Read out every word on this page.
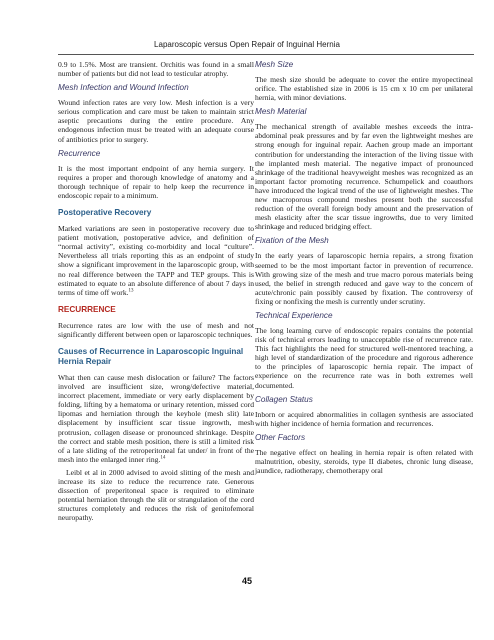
Laparoscopic versus Open Repair of Inguinal Hernia

0.9 to 1.5%. Most are transient. Orchitis was found in a small number of patients but did not lead to testicular atrophy.

Mesh Infection and Wound Infection

Wound infection rates are very low. Mesh infection is a very serious complication and care must be taken to maintain strict aseptic precautions during the entire procedure. Any endogenous infection must be treated with an adequate course of antibiotics prior to surgery.

Recurrence

It is the most important endpoint of any hernia surgery. It requires a proper and thorough knowledge of anatomy and a thorough technique of repair to help keep the recurrence in endoscopic repair to a minimum.

Postoperative Recovery

Marked variations are seen in postoperative recovery due to patient motivation, postoperative advice, and definition of “normal activity”, existing co-morbidity and local “culture”. Nevertheless all trials reporting this as an endpoint of study show a significant improvement in the laparoscopic group, with no real difference between the TAPP and TEP groups. This is estimated to equate to an absolute difference of about 7 days in terms of time off work.$^{13}$

RECURRENCE

Recurrence rates are low with the use of mesh and not significantly different between open or laparoscopic techniques.

Causes of Recurrence in Laparoscopic Inguinal Hernia Repair

What then can cause mesh dislocation or failure? The factors involved are insufficient size, wrong/defective material, incorrect placement, immediate or very early displacement by folding, lifting by a hematoma or urinary retention, missed cord lipomas and herniation through the keyhole (mesh slit) late displacement by insufficient scar tissue ingrowth, mesh protrusion, collagen disease or pronounced shrinkage. Despite the correct and stable mesh position, there is still a limited risk of a late sliding of the retroperitoneal fat under/ in front of the mesh into the enlarged inner ring.$^{14}$

Leibl et al in 2000 advised to avoid slitting of the mesh and increase its size to reduce the recurrence rate. Generous dissection of preperitoneal space is required to eliminate potential herniation through the slit or strangulation of the cord structures completely and reduces the risk of genitofemoral neuropathy.

Mesh Size

The mesh size should be adequate to cover the entire myopectineal orifice. The established size in 2006 is 15 cm x 10 cm per unilateral hernia, with minor deviations.

Mesh Material

The mechanical strength of available meshes exceeds the intra-abdominal peak pressures and by far even the lightweight meshes are strong enough for inguinal repair. Aachen group made an important contribution for understanding the interaction of the living tissue with the implanted mesh material. The negative impact of pronounced shrinkage of the traditional heavyweight meshes was recognized as an important factor promoting recurrence. Schumpelick and coauthors have introduced the logical trend of the use of lightweight meshes. The new macroporous compound meshes present both the successful reduction of the overall foreign body amount and the preservation of mesh elasticity after the scar tissue ingrowths, due to very limited shrinkage and reduced bridging effect.

Fixation of the Mesh

In the early years of laparoscopic hernia repairs, a strong fixation seemed to be the most important factor in prevention of recurrence. With growing size of the mesh and true macro porous materials being used, the belief in strength reduced and gave way to the concern of acute/chronic pain possibly caused by fixation. The controversy of fixing or nonfixing the mesh is currently under scrutiny.

Technical Experience

The long learning curve of endoscopic repairs contains the potential risk of technical errors leading to unacceptable rise of recurrence rate. This fact highlights the need for structured well-mentored teaching, a high level of standardization of the procedure and rigorous adherence to the principles of laparoscopic hernia repair. The impact of experience on the recurrence rate was in both extremes well documented.

Collagen Status

Inborn or acquired abnormalities in collagen synthesis are associated with higher incidence of hernia formation and recurrences.

Other Factors

The negative effect on healing in hernia repair is often related with malnutrition, obesity, steroids, type II diabetes, chronic lung disease, jaundice, radiotherapy, chemotherapy oral

45
